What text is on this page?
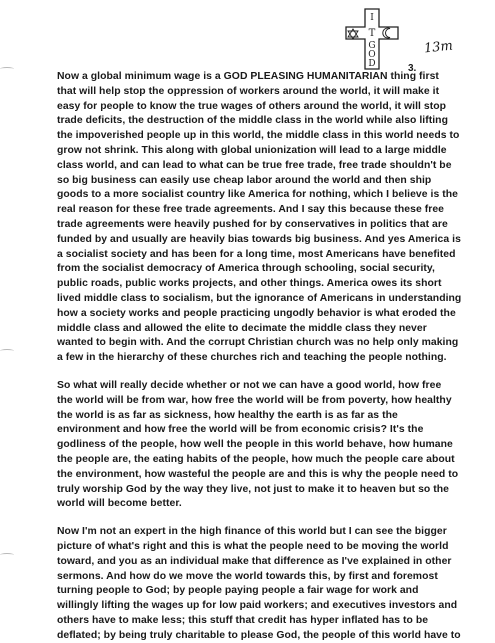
I
T
G
O
D
13m
3.

Now a global minimum wage is a GOD PLEASING HUMANITARIAN thing first
that will help stop the oppression of workers around the world, it will make it
easy for people to know the true wages of others around the world, it will stop
trade deficits, the destruction of the middle class in the world while also lifting
the impoverished people up in this world, the middle class in this world needs to
grow not shrink. This along with global unionization will lead to a large middle
class world, and can lead to what can be true free trade, free trade shouldn't be
so big business can easily use cheap labor around the world and then ship
goods to a more socialist country like America for nothing, which I believe is the
real reason for these free trade agreements. And I say this because these free
trade agreements were heavily pushed for by conservatives in politics that are
funded by and usually are heavily bias towards big business. And yes America is
a socialist society and has been for a long time, most Americans have benefited
from the socialist democracy of America through schooling, social security,
public roads, public works projects, and other things. America owes its short
lived middle class to socialism, but the ignorance of Americans in understanding
how a society works and people practicing ungodly behavior is what eroded the
middle class and allowed the elite to decimate the middle class they never
wanted to begin with. And the corrupt Christian church was no help only making
a few in the hierarchy of these churches rich and teaching the people nothing.

So what will really decide whether or not we can have a good world, how free
the world will be from war, how free the world will be from poverty, how healthy
the world is as far as sickness, how healthy the earth is as far as the
environment and how free the world will be from economic crisis? It's the
godliness of the people, how well the people in this world behave, how humane
the people are, the eating habits of the people, how much the people care about
the environment, how wasteful the people are and this is why the people need to
truly worship God by the way they live, not just to make it to heaven but so the
world will become better.

Now I'm not an expert in the high finance of this world but I can see the bigger
picture of what's right and this is what the people need to be moving the world
toward, and you as an individual make that difference as I've explained in other
sermons. And how do we move the world towards this, by first and foremost
turning people to God; by people paying people a fair wage for work and
willingly lifting the wages up for low paid workers; and executives investors and
others have to make less; this stuff that credit has hyper inflated has to be
deflated; by being truly charitable to please God, the people of this world have to
